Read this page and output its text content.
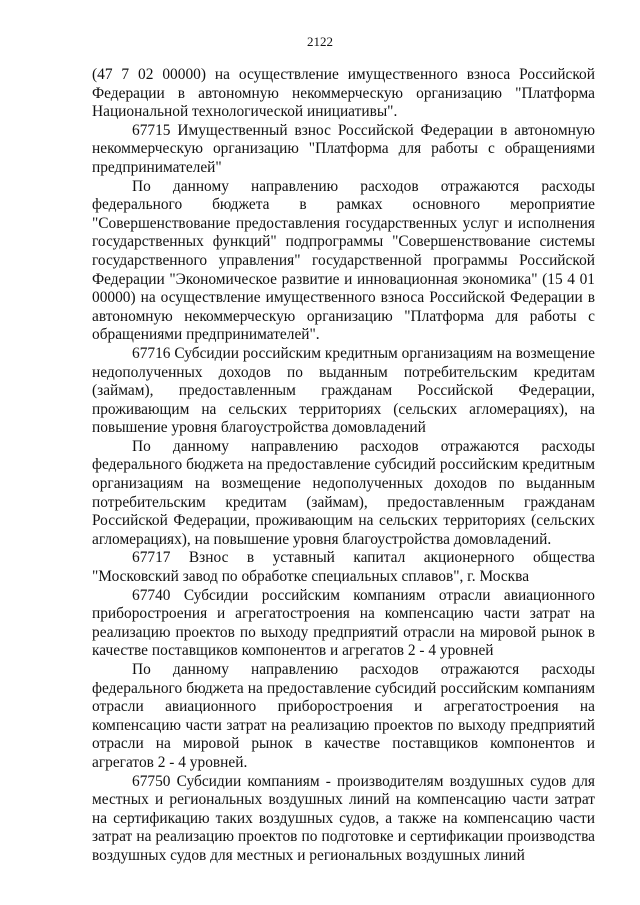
2122

(47 7 02 00000) на осуществление имущественного взноса Российской Федерации в автономную некоммерческую организацию "Платформа Национальной технологической инициативы".

67715 Имущественный взнос Российской Федерации в автономную некоммерческую организацию "Платформа для работы с обращениями предпринимателей"

По данному направлению расходов отражаются расходы федерального бюджета в рамках основного мероприятие "Совершенствование предоставления государственных услуг и исполнения государственных функций" подпрограммы "Совершенствование системы государственного управления" государственной программы Российской Федерации "Экономическое развитие и инновационная экономика" (15 4 01 00000) на осуществление имущественного взноса Российской Федерации в автономную некоммерческую организацию "Платформа для работы с обращениями предпринимателей".

67716 Субсидии российским кредитным организациям на возмещение недополученных доходов по выданным потребительским кредитам (займам), предоставленным гражданам Российской Федерации, проживающим на сельских территориях (сельских агломерациях), на повышение уровня благоустройства домовладений

По данному направлению расходов отражаются расходы федерального бюджета на предоставление субсидий российским кредитным организациям на возмещение недополученных доходов по выданным потребительским кредитам (займам), предоставленным гражданам Российской Федерации, проживающим на сельских территориях (сельских агломерациях), на повышение уровня благоустройства домовладений.

67717 Взнос в уставный капитал акционерного общества "Московский завод по обработке специальных сплавов", г. Москва

67740 Субсидии российским компаниям отрасли авиационного приборостроения и агрегатостроения на компенсацию части затрат на реализацию проектов по выходу предприятий отрасли на мировой рынок в качестве поставщиков компонентов и агрегатов 2 - 4 уровней

По данному направлению расходов отражаются расходы федерального бюджета на предоставление субсидий российским компаниям отрасли авиационного приборостроения и агрегатостроения на компенсацию части затрат на реализацию проектов по выходу предприятий отрасли на мировой рынок в качестве поставщиков компонентов и агрегатов 2 - 4 уровней.

67750 Субсидии компаниям - производителям воздушных судов для местных и региональных воздушных линий на компенсацию части затрат на сертификацию таких воздушных судов, а также на компенсацию части затрат на реализацию проектов по подготовке и сертификации производства воздушных судов для местных и региональных воздушных линий
